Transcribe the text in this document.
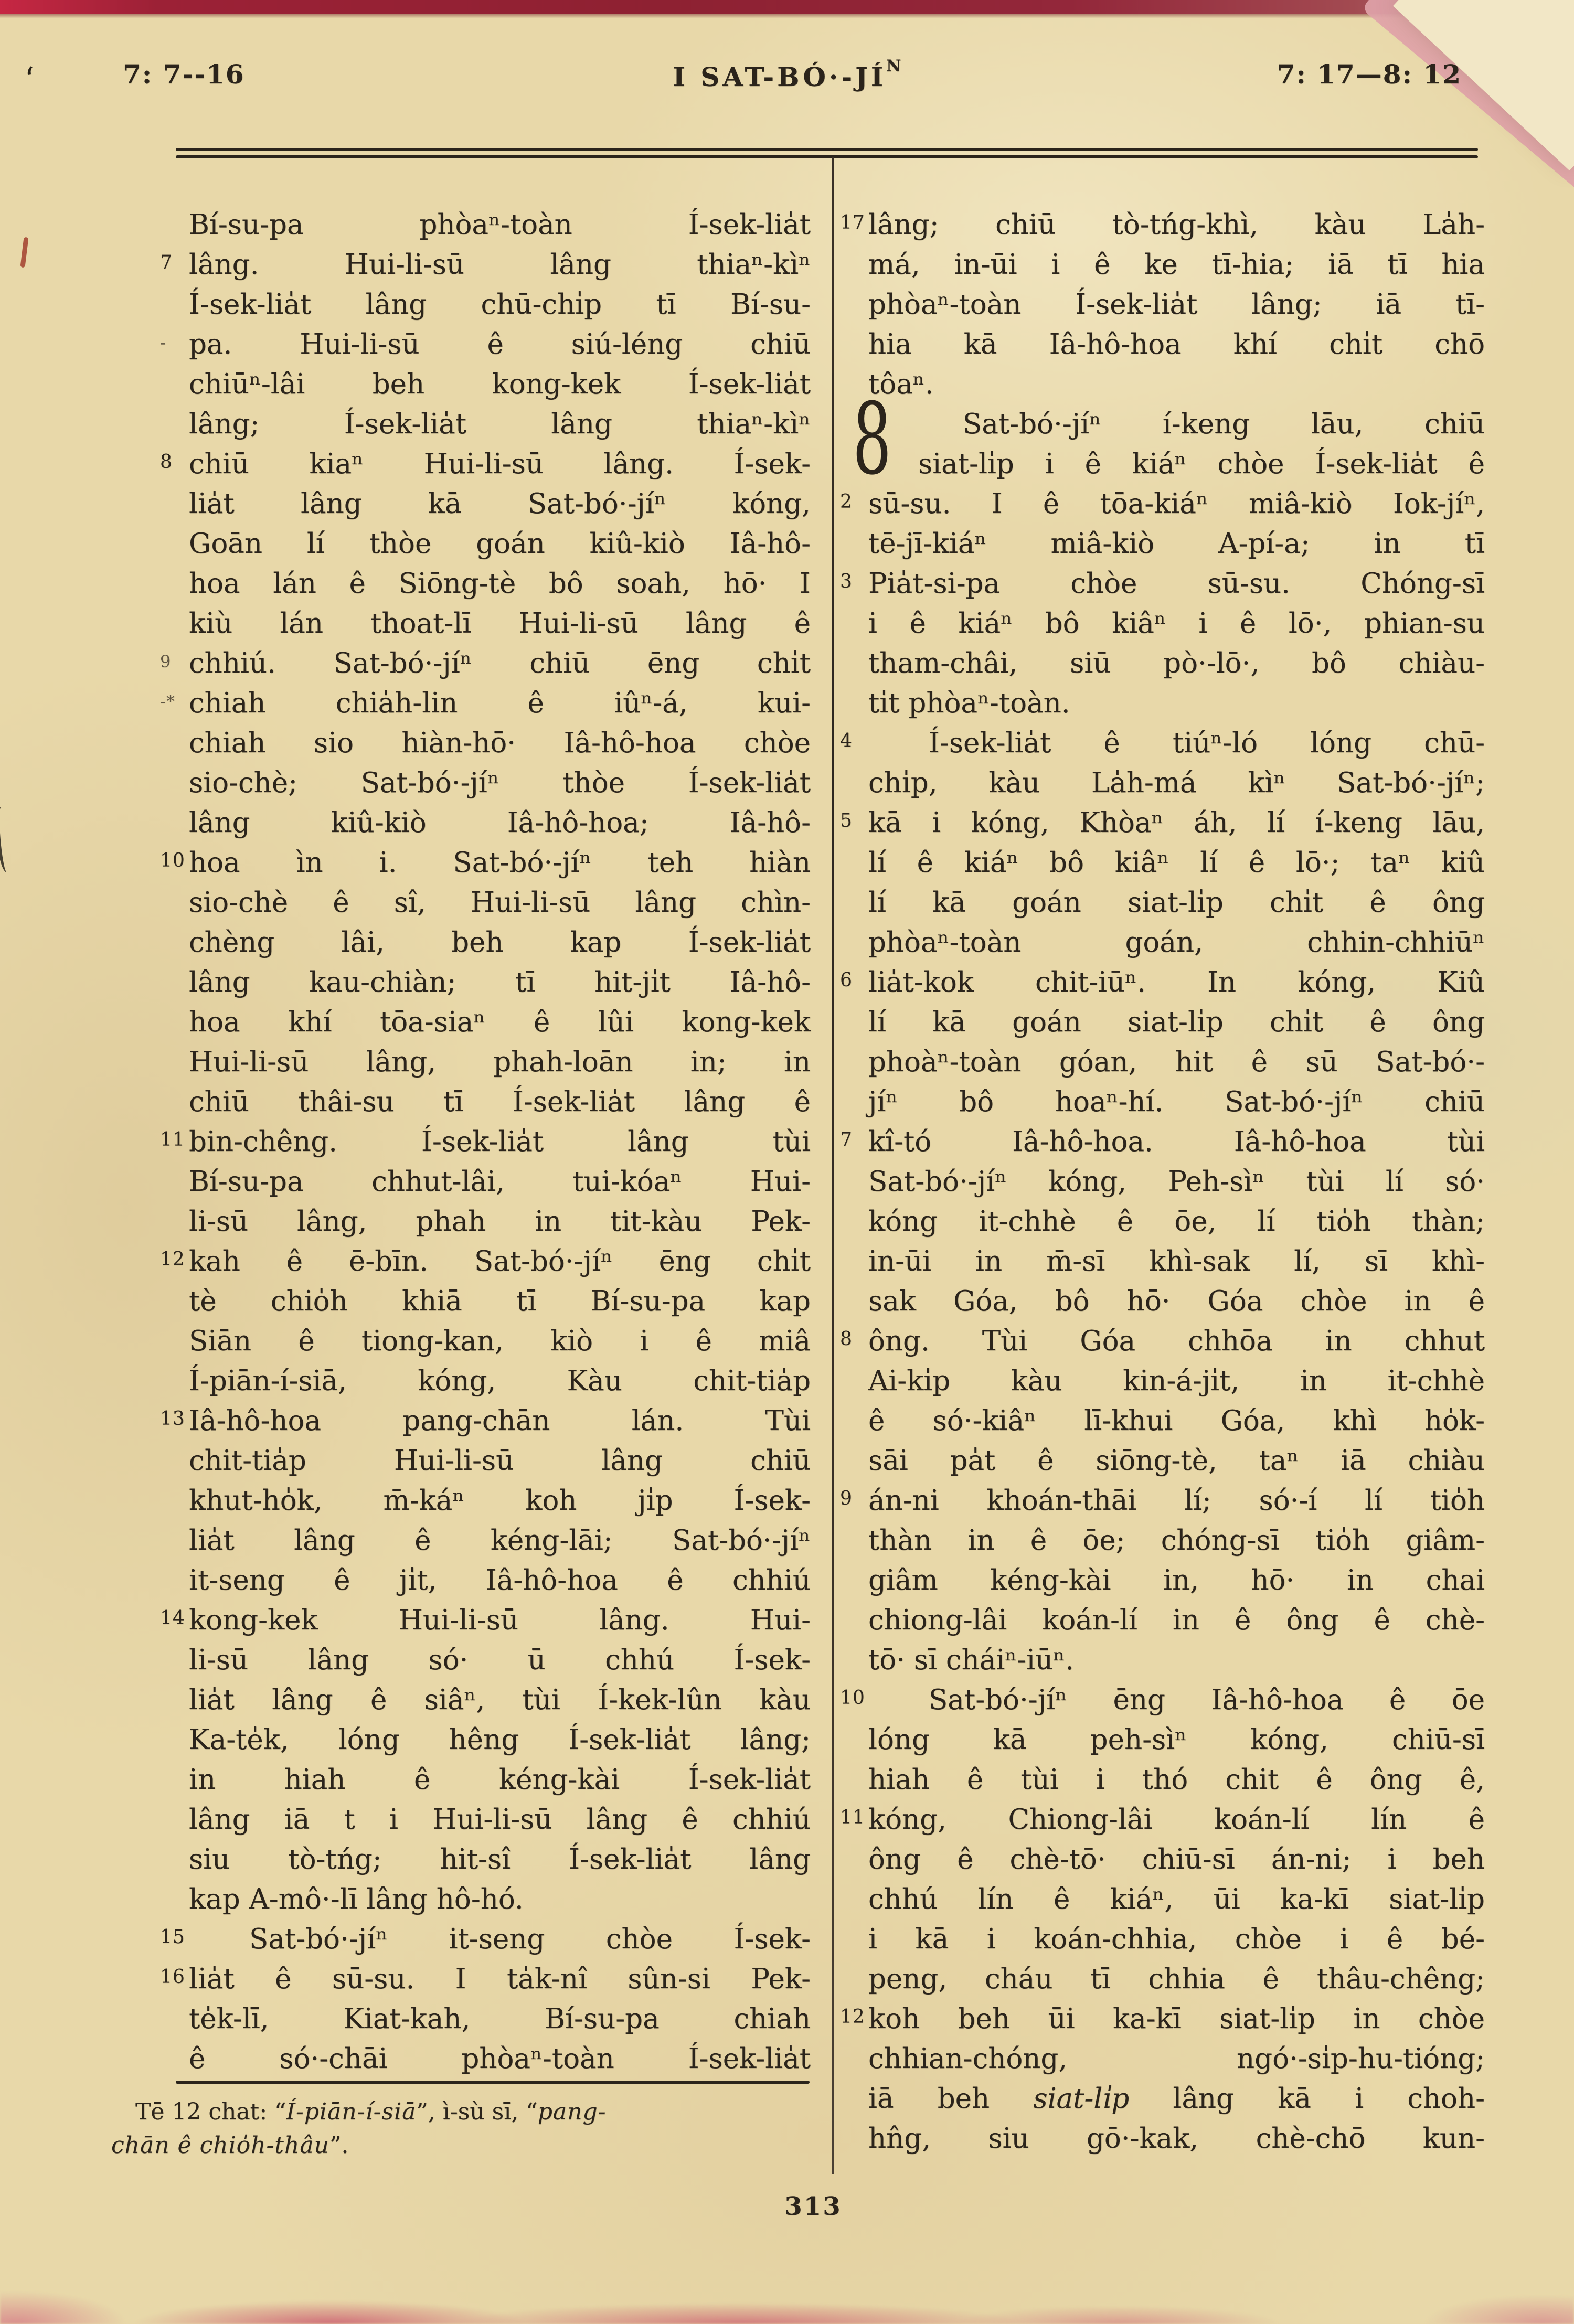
‘	7: 7--16	I SAT-$BÓ\cdot-JÍ^N$	7: 17—8: 12
Bí-su-pa phòaⁿ-toàn Í-sek-lia̍t
7 lâng. Hui-li-sū lâng thiaⁿ-kìⁿ
Í-sek-lia̍t lâng chū-chi̍p tī Bí-su-
- pa. Hui-li-sū ê siú-léng chiū
chiūⁿ-lâi beh kong-kek Í-sek-lia̍t
lâng; Í-sek-lia̍t lâng thiaⁿ-kìⁿ
8 chiū kiaⁿ Hui-li-sū lâng. Í-sek-
lia̍t lâng kā Sat-bó·-jíⁿ kóng,
Goān lí thòe goán kiû-kiò Iâ-hô-
hoa lán ê Siōng-tè bô soah, hō· I
kiù lán thoat-lī Hui-li-sū lâng ê
9 chhiú. Sat-bó·-jíⁿ chiū ēng chi̍t
-* chiah chia̍h-lin ê iûⁿ-á, kui-
chiah sio hiàn-hō· Iâ-hô-hoa chòe
sio-chè; Sat-bó·-jíⁿ thòe Í-sek-lia̍t
lâng kiû-kiò Iâ-hô-hoa; Iâ-hô-
10 hoa ìn i. Sat-bó·-jíⁿ teh hiàn
sio-chè ê sî, Hui-li-sū lâng chìn-
chèng lâi, beh kap Í-sek-lia̍t
lâng kau-chiàn; tī hit-ji̍t Iâ-hô-
hoa khí tōa-siaⁿ ê lûi kong-kek
Hui-li-sū lâng, phah-loān in; in
chiū thâi-su tī Í-sek-lia̍t lâng ê
11 bin-chêng. Í-sek-lia̍t lâng tùi
Bí-su-pa chhut-lâi, tui-kóaⁿ Hui-
li-sū lâng, phah in tit-kàu Pek-
12 kah ê ē-bīn. Sat-bó·-jíⁿ ēng chi̍t
tè chio̍h khiā tī Bí-su-pa kap
Siān ê tiong-kan, kiò i ê miâ
Í-piān-í-siā, kóng, Kàu chit-tia̍p
13 Iâ-hô-hoa pang-chān lán. Tùi
chit-tia̍p Hui-li-sū lâng chiū
khut-ho̍k, m̄-káⁿ koh ji̍p Í-sek-
lia̍t lâng ê kéng-lāi; Sat-bó·-jíⁿ
it-seng ê ji̍t, Iâ-hô-hoa ê chhiú
14 kong-kek Hui-li-sū lâng. Hui-
li-sū lâng só· ū chhú Í-sek-
lia̍t lâng ê siâⁿ, tùi Í-kek-lûn kàu
Ka-te̍k, lóng hêng Í-sek-lia̍t lâng;
in hiah ê kéng-kài Í-sek-lia̍t
lâng iā t i Hui-li-sū lâng ê chhiú
siu tò-tńg; hit-sî Í-sek-lia̍t lâng
kap A-mô·-lī lâng hô-hó.
15	Sat-bó·-jíⁿ it-seng chòe Í-sek-
16 lia̍t ê sū-su. I ta̍k-nî sûn-si Pek-
te̍k-lī, Kiat-kah, Bí-su-pa chiah
ê só·-chāi phòaⁿ-toàn Í-sek-lia̍t
8
17 lâng; chiū tò-tńg-khì, kàu La̍h-
má, in-ūi i ê ke tī-hia; iā tī hia
phòaⁿ-toàn Í-sek-lia̍t lâng; iā tī-
hia kā Iâ-hô-hoa khí chi̍t chō
tôaⁿ.
Sat-bó·-jíⁿ í-keng lāu, chiū
siat-li̍p i ê kiáⁿ chòe Í-sek-lia̍t ê
2 sū-su. I ê tōa-kiáⁿ miâ-kiò Iok-jíⁿ,
tē-jī-kiáⁿ miâ-kiò A-pí-a; in tī
3 Pia̍t-si-pa chòe sū-su. Chóng-sī
i ê kiáⁿ bô kiâⁿ i ê lō·, phian-su
tham-châi, siū pò·-lō·, bô chiàu-
ti̍t phòaⁿ-toàn.
4	Í-sek-lia̍t ê tiúⁿ-ló lóng chū-
chi̍p, kàu La̍h-má kìⁿ Sat-bó·-jíⁿ;
5 kā i kóng, Khòaⁿ áh, lí í-keng lāu,
lí ê kiáⁿ bô kiâⁿ lí ê lō·; taⁿ kiû
lí kā goán siat-li̍p chi̍t ê ông
phòaⁿ-toàn goán, chhin-chhiūⁿ
6 lia̍t-kok chit-iūⁿ. In kóng, Kiû
lí kā goán siat-li̍p chi̍t ê ông
phoàⁿ-toàn góan, hit ê sū Sat-bó·-
jíⁿ bô hoaⁿ-hí. Sat-bó·-jíⁿ chiū
7 kî-tó Iâ-hô-hoa. Iâ-hô-hoa tùi
Sat-bó·-jíⁿ kóng, Peh-sìⁿ tùi lí só·
kóng it-chhè ê ōe, lí tio̍h thàn;
in-ūi in m̄-sī khì-sak lí, sī khì-
sak Góa, bô hō· Góa chòe in ê
8 ông. Tùi Góa chhōa in chhut
Ai-ki̍p kàu kin-á-ji̍t, in it-chhè
ê só·-kiâⁿ lī-khui Góa, khì ho̍k-
sāi pa̍t ê siōng-tè, taⁿ iā chiàu
9 án-ni khoán-thāi lí; só·-í lí tio̍h
thàn in ê ōe; chóng-sī tio̍h giâm-
giâm kéng-kài in, hō· in chai
chiong-lâi koán-lí in ê ông ê chè-
tō· sī cháiⁿ-iūⁿ.
10	Sat-bó·-jíⁿ ēng Iâ-hô-hoa ê ōe
lóng kā peh-sìⁿ kóng, chiū-sī
hiah ê tùi i thó chit ê ông ê,
11 kóng, Chiong-lâi koán-lí lín ê
ông ê chè-tō· chiū-sī án-ni; i beh
chhú lín ê kiáⁿ, ūi ka-kī siat-li̍p
i kā i koán-chhia, chòe i ê bé-
peng, cháu tī chhia ê thâu-chêng;
12 koh beh ūi ka-kī siat-li̍p in chòe
chhian-chóng, ngó·-si̍p-hu-tióng;
iā beh siat-li̍p lâng kā i choh-
hn̂g, siu gō·-kak, chè-chō kun-
Tē 12 chat: “Í-piān-í-siā”, ì-sù sī, “pang-
chān ê chio̍h-thâu”.
313
